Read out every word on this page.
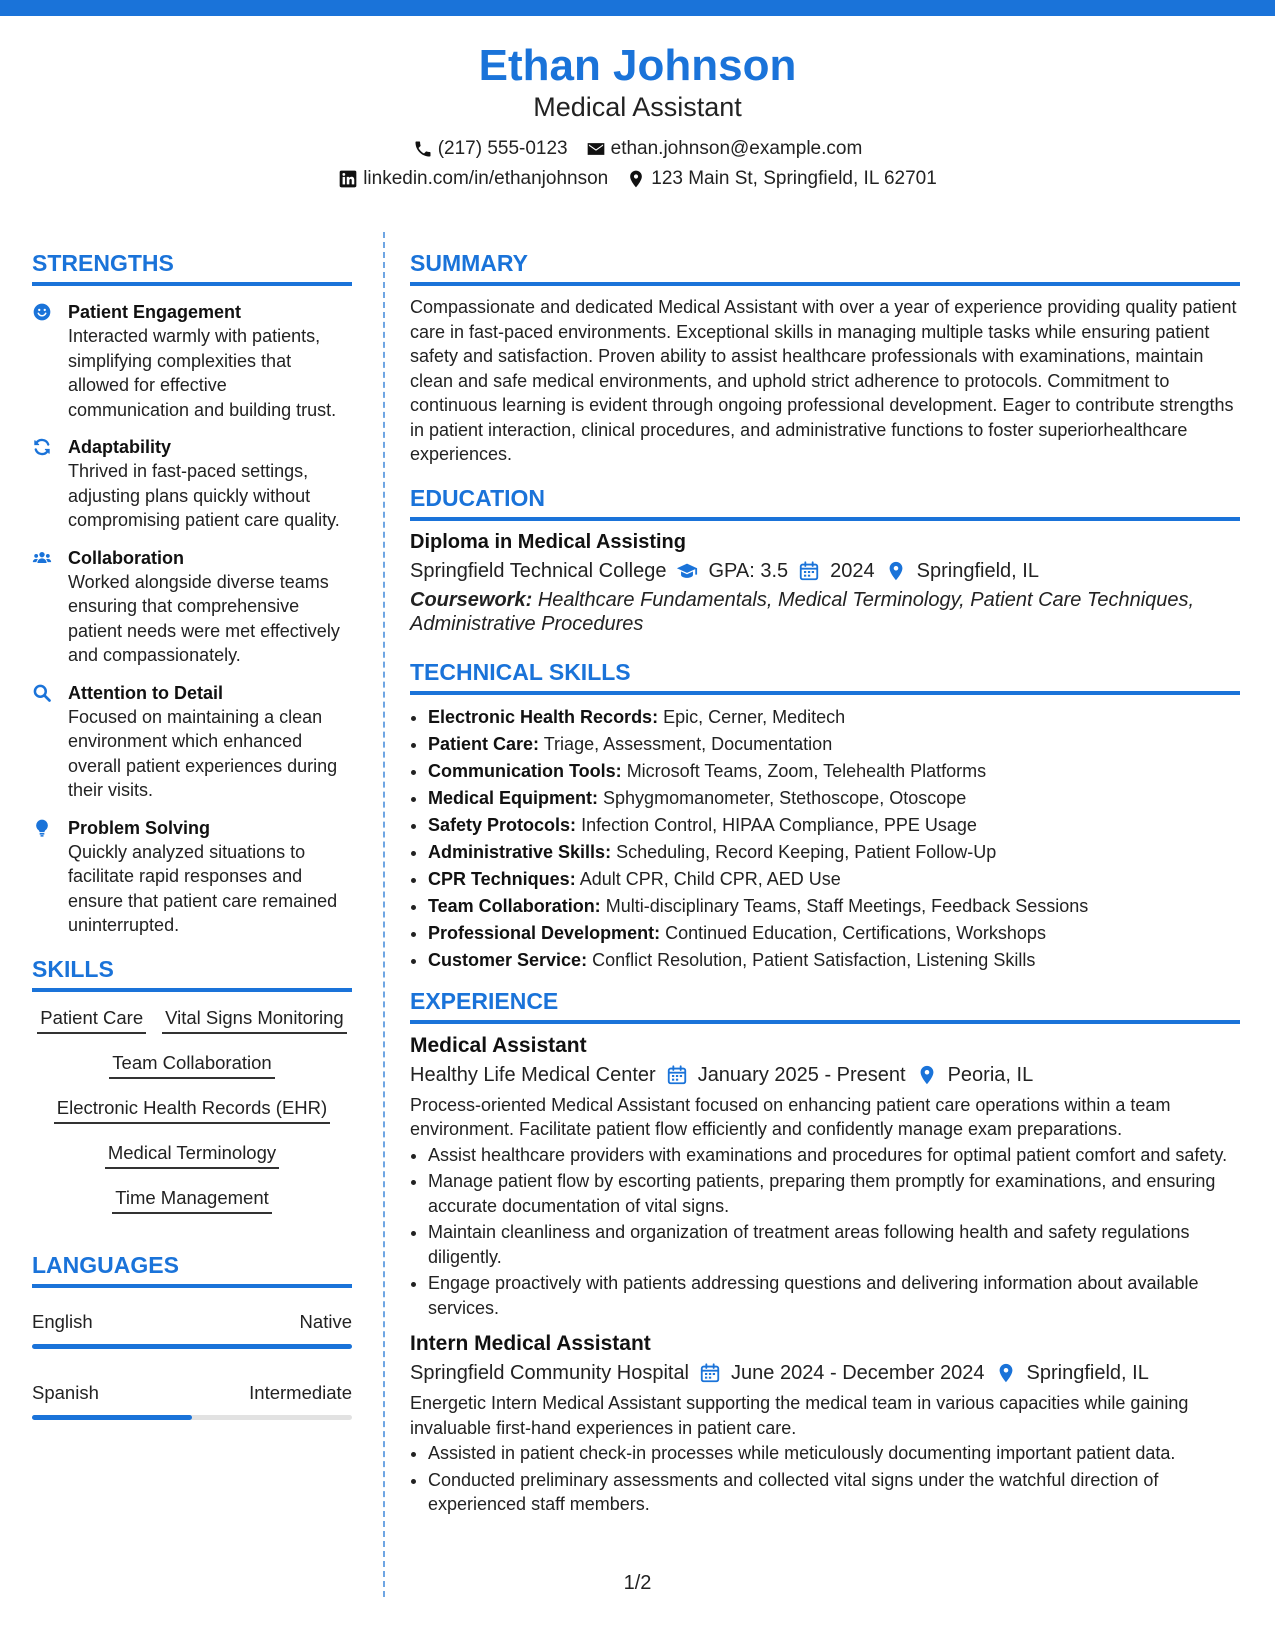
Ethan Johnson
Medical Assistant
(217) 555-0123 ethan.johnson@example.com
linkedin.com/in/ethanjohnson 123 Main St, Springfield, IL 62701
STRENGTHS
Patient Engagement
Interacted warmly with patients, simplifying complexities that allowed for effective communication and building trust.
Adaptability
Thrived in fast-paced settings, adjusting plans quickly without compromising patient care quality.
Collaboration
Worked alongside diverse teams ensuring that comprehensive patient needs were met effectively and compassionately.
Attention to Detail
Focused on maintaining a clean environment which enhanced overall patient experiences during their visits.
Problem Solving
Quickly analyzed situations to facilitate rapid responses and ensure that patient care remained uninterrupted.
SKILLS
Patient Care Vital Signs Monitoring
Team Collaboration
Electronic Health Records (EHR)
Medical Terminology
Time Management
LANGUAGES
English	Native
Spanish	Intermediate
SUMMARY
Compassionate and dedicated Medical Assistant with over a year of experience providing quality patient care in fast-paced environments. Exceptional skills in managing multiple tasks while ensuring patient safety and satisfaction. Proven ability to assist healthcare professionals with examinations, maintain clean and safe medical environments, and uphold strict adherence to protocols. Commitment to continuous learning is evident through ongoing professional development. Eager to contribute strengths in patient interaction, clinical procedures, and administrative functions to foster superiorhealthcare experiences.
EDUCATION
Diploma in Medical Assisting
Springfield Technical College GPA: 3.5 2024 Springfield, IL
Coursework: Healthcare Fundamentals, Medical Terminology, Patient Care Techniques, Administrative Procedures
TECHNICAL SKILLS
• Electronic Health Records: Epic, Cerner, Meditech
• Patient Care: Triage, Assessment, Documentation
• Communication Tools: Microsoft Teams, Zoom, Telehealth Platforms
• Medical Equipment: Sphygmomanometer, Stethoscope, Otoscope
• Safety Protocols: Infection Control, HIPAA Compliance, PPE Usage
• Administrative Skills: Scheduling, Record Keeping, Patient Follow-Up
• CPR Techniques: Adult CPR, Child CPR, AED Use
• Team Collaboration: Multi-disciplinary Teams, Staff Meetings, Feedback Sessions
• Professional Development: Continued Education, Certifications, Workshops
• Customer Service: Conflict Resolution, Patient Satisfaction, Listening Skills
EXPERIENCE
Medical Assistant
Healthy Life Medical Center January 2025 - Present Peoria, IL
Process-oriented Medical Assistant focused on enhancing patient care operations within a team environment. Facilitate patient flow efficiently and confidently manage exam preparations.
• Assist healthcare providers with examinations and procedures for optimal patient comfort and safety.
• Manage patient flow by escorting patients, preparing them promptly for examinations, and ensuring accurate documentation of vital signs.
• Maintain cleanliness and organization of treatment areas following health and safety regulations diligently.
• Engage proactively with patients addressing questions and delivering information about available services.
Intern Medical Assistant
Springfield Community Hospital June 2024 - December 2024 Springfield, IL
Energetic Intern Medical Assistant supporting the medical team in various capacities while gaining invaluable first-hand experiences in patient care.
• Assisted in patient check-in processes while meticulously documenting important patient data.
• Conducted preliminary assessments and collected vital signs under the watchful direction of experienced staff members.
1/2
